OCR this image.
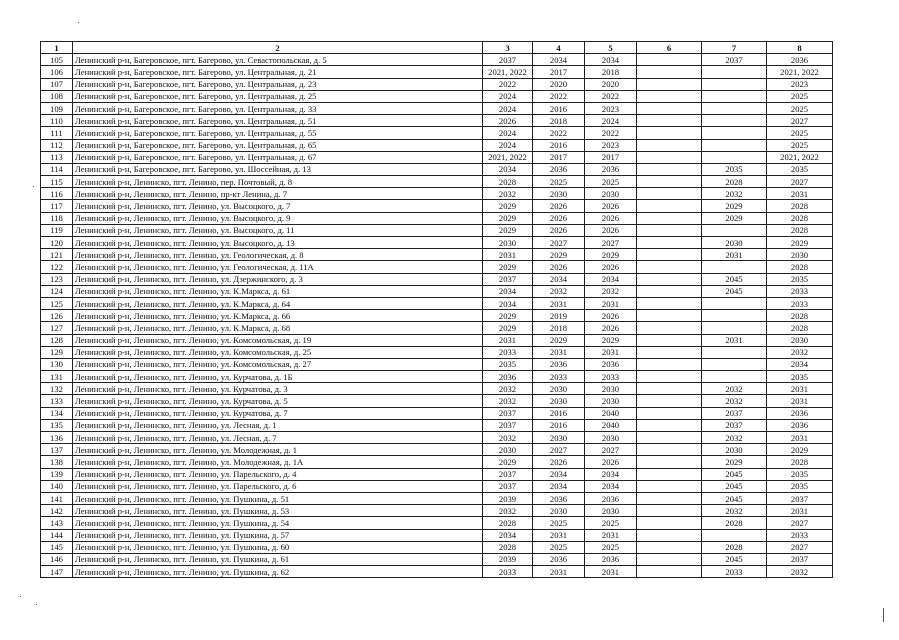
1	2	3	4	5	6	7	8
105	Ленинский р-н, Багеровское, пгт. Багерово, ул. Севастопольская, д. 5	2037	2034	2034		2037	2036
106	Ленинский р-н, Багеровское, пгт. Багерово, ул. Центральная, д. 21	2021, 2022	2017	2018			2021, 2022
107	Ленинский р-н, Багеровское, пгт. Багерово, ул. Центральная, д. 23	2022	2020	2020			2023
108	Ленинский р-н, Багеровское, пгт. Багерово, ул. Центральная, д. 25	2024	2022	2022			2025
109	Ленинский р-н, Багеровское, пгт. Багерово, ул. Центральная, д. 33	2024	2016	2023			2025
110	Ленинский р-н, Багеровское, пгт. Багерово, ул. Центральная, д. 51	2026	2018	2024			2027
111	Ленинский р-н, Багеровское, пгт. Багерово, ул. Центральная, д. 55	2024	2022	2022			2025
112	Ленинский р-н, Багеровское, пгт. Багерово, ул. Центральная, д. 65	2024	2016	2023			2025
113	Ленинский р-н, Багеровское, пгт. Багерово, ул. Центральная, д. 67	2021, 2022	2017	2017			2021, 2022
114	Ленинский р-н, Багеровское, пгт. Багерово, ул. Шоссейная, д. 13	2034	2036	2036		2035	2035
115	Ленинский р-н, Ленинско, пгт. Ленино, пер. Почтовый, д. 8	2028	2025	2025		2028	2027
116	Ленинский р-н, Ленинско, пгт. Ленино, пр-кт Ленина, д. 7	2032	2030	2030		2032	2031
117	Ленинский р-н, Ленинско, пгт. Ленино, ул. Высоцкого, д. 7	2029	2026	2026		2029	2028
118	Ленинский р-н, Ленинско, пгт. Ленино, ул. Высоцкого, д. 9	2029	2026	2026		2029	2028
119	Ленинский р-н, Ленинско, пгт. Ленино, ул. Высоцкого, д. 11	2029	2026	2026			2028
120	Ленинский р-н, Ленинско, пгт. Ленино, ул. Высоцкого, д. 13	2030	2027	2027		2030	2029
121	Ленинский р-н, Ленинско, пгт. Ленино, ул. Геологическая, д. 8	2031	2029	2029		2031	2030
122	Ленинский р-н, Ленинско, пгт. Ленино, ул. Геологическая, д. 11А	2029	2026	2026			2028
123	Ленинский р-н, Ленинско, пгт. Ленино, ул. Дзержинского, д. 3	2037	2034	2034		2045	2035
124	Ленинский р-н, Ленинско, пгт. Ленино, ул. К.Маркса, д. 61	2034	2032	2032		2045	2033
125	Ленинский р-н, Ленинско, пгт. Ленино, ул. К.Маркса, д. 64	2034	2031	2031			2033
126	Ленинский р-н, Ленинско, пгт. Ленино, ул. К.Маркса, д. 66	2029	2019	2026			2028
127	Ленинский р-н, Ленинско, пгт. Ленино, ул. К.Маркса, д. 68	2029	2018	2026			2028
128	Ленинский р-н, Ленинско, пгт. Ленино, ул. Комсомольская, д. 19	2031	2029	2029		2031	2030
129	Ленинский р-н, Ленинско, пгт. Ленино, ул. Комсомольская, д. 25	2033	2031	2031			2032
130	Ленинский р-н, Ленинско, пгт. Ленино, ул. Комсомольская, д. 27	2035	2036	2036			2034
131	Ленинский р-н, Ленинско, пгт. Ленино, ул. Курчатова, д. 1Б	2036	2033	2033			2035
132	Ленинский р-н, Ленинско, пгт. Ленино, ул. Курчатова, д. 3	2032	2030	2030		2032	2031
133	Ленинский р-н, Ленинско, пгт. Ленино, ул. Курчатова, д. 5	2032	2030	2030		2032	2031
134	Ленинский р-н, Ленинско, пгт. Ленино, ул. Курчатова, д. 7	2037	2016	2040		2037	2036
135	Ленинский р-н, Ленинско, пгт. Ленино, ул. Лесная, д. 1	2037	2016	2040		2037	2036
136	Ленинский р-н, Ленинско, пгт. Ленино, ул. Лесная, д. 7	2032	2030	2030		2032	2031
137	Ленинский р-н, Ленинско, пгт. Ленино, ул. Молодежная, д. 1	2030	2027	2027		2030	2029
138	Ленинский р-н, Ленинско, пгт. Ленино, ул. Молодежная, д. 1А	2029	2026	2026		2029	2028
139	Ленинский р-н, Ленинско, пгт. Ленино, ул. Парельского, д. 4	2037	2034	2034		2045	2035
140	Ленинский р-н, Ленинско, пгт. Ленино, ул. Парельского, д. 6	2037	2034	2034		2045	2035
141	Ленинский р-н, Ленинско, пгт. Ленино, ул. Пушкина, д. 51	2039	2036	2036		2045	2037
142	Ленинский р-н, Ленинско, пгт. Ленино, ул. Пушкина, д. 53	2032	2030	2030		2032	2031
143	Ленинский р-н, Ленинско, пгт. Ленино, ул. Пушкина, д. 54	2028	2025	2025		2028	2027
144	Ленинский р-н, Ленинско, пгт. Ленино, ул. Пушкина, д. 57	2034	2031	2031			2033
145	Ленинский р-н, Ленинско, пгт. Ленино, ул. Пушкина, д. 60	2028	2025	2025		2028	2027
146	Ленинский р-н, Ленинско, пгт. Ленино, ул. Пушкина, д. 61	2039	2036	2036		2045	2037
147	Ленинский р-н, Ленинско, пгт. Ленино, ул. Пушкина, д. 62	2033	2031	2031		2033	2032
